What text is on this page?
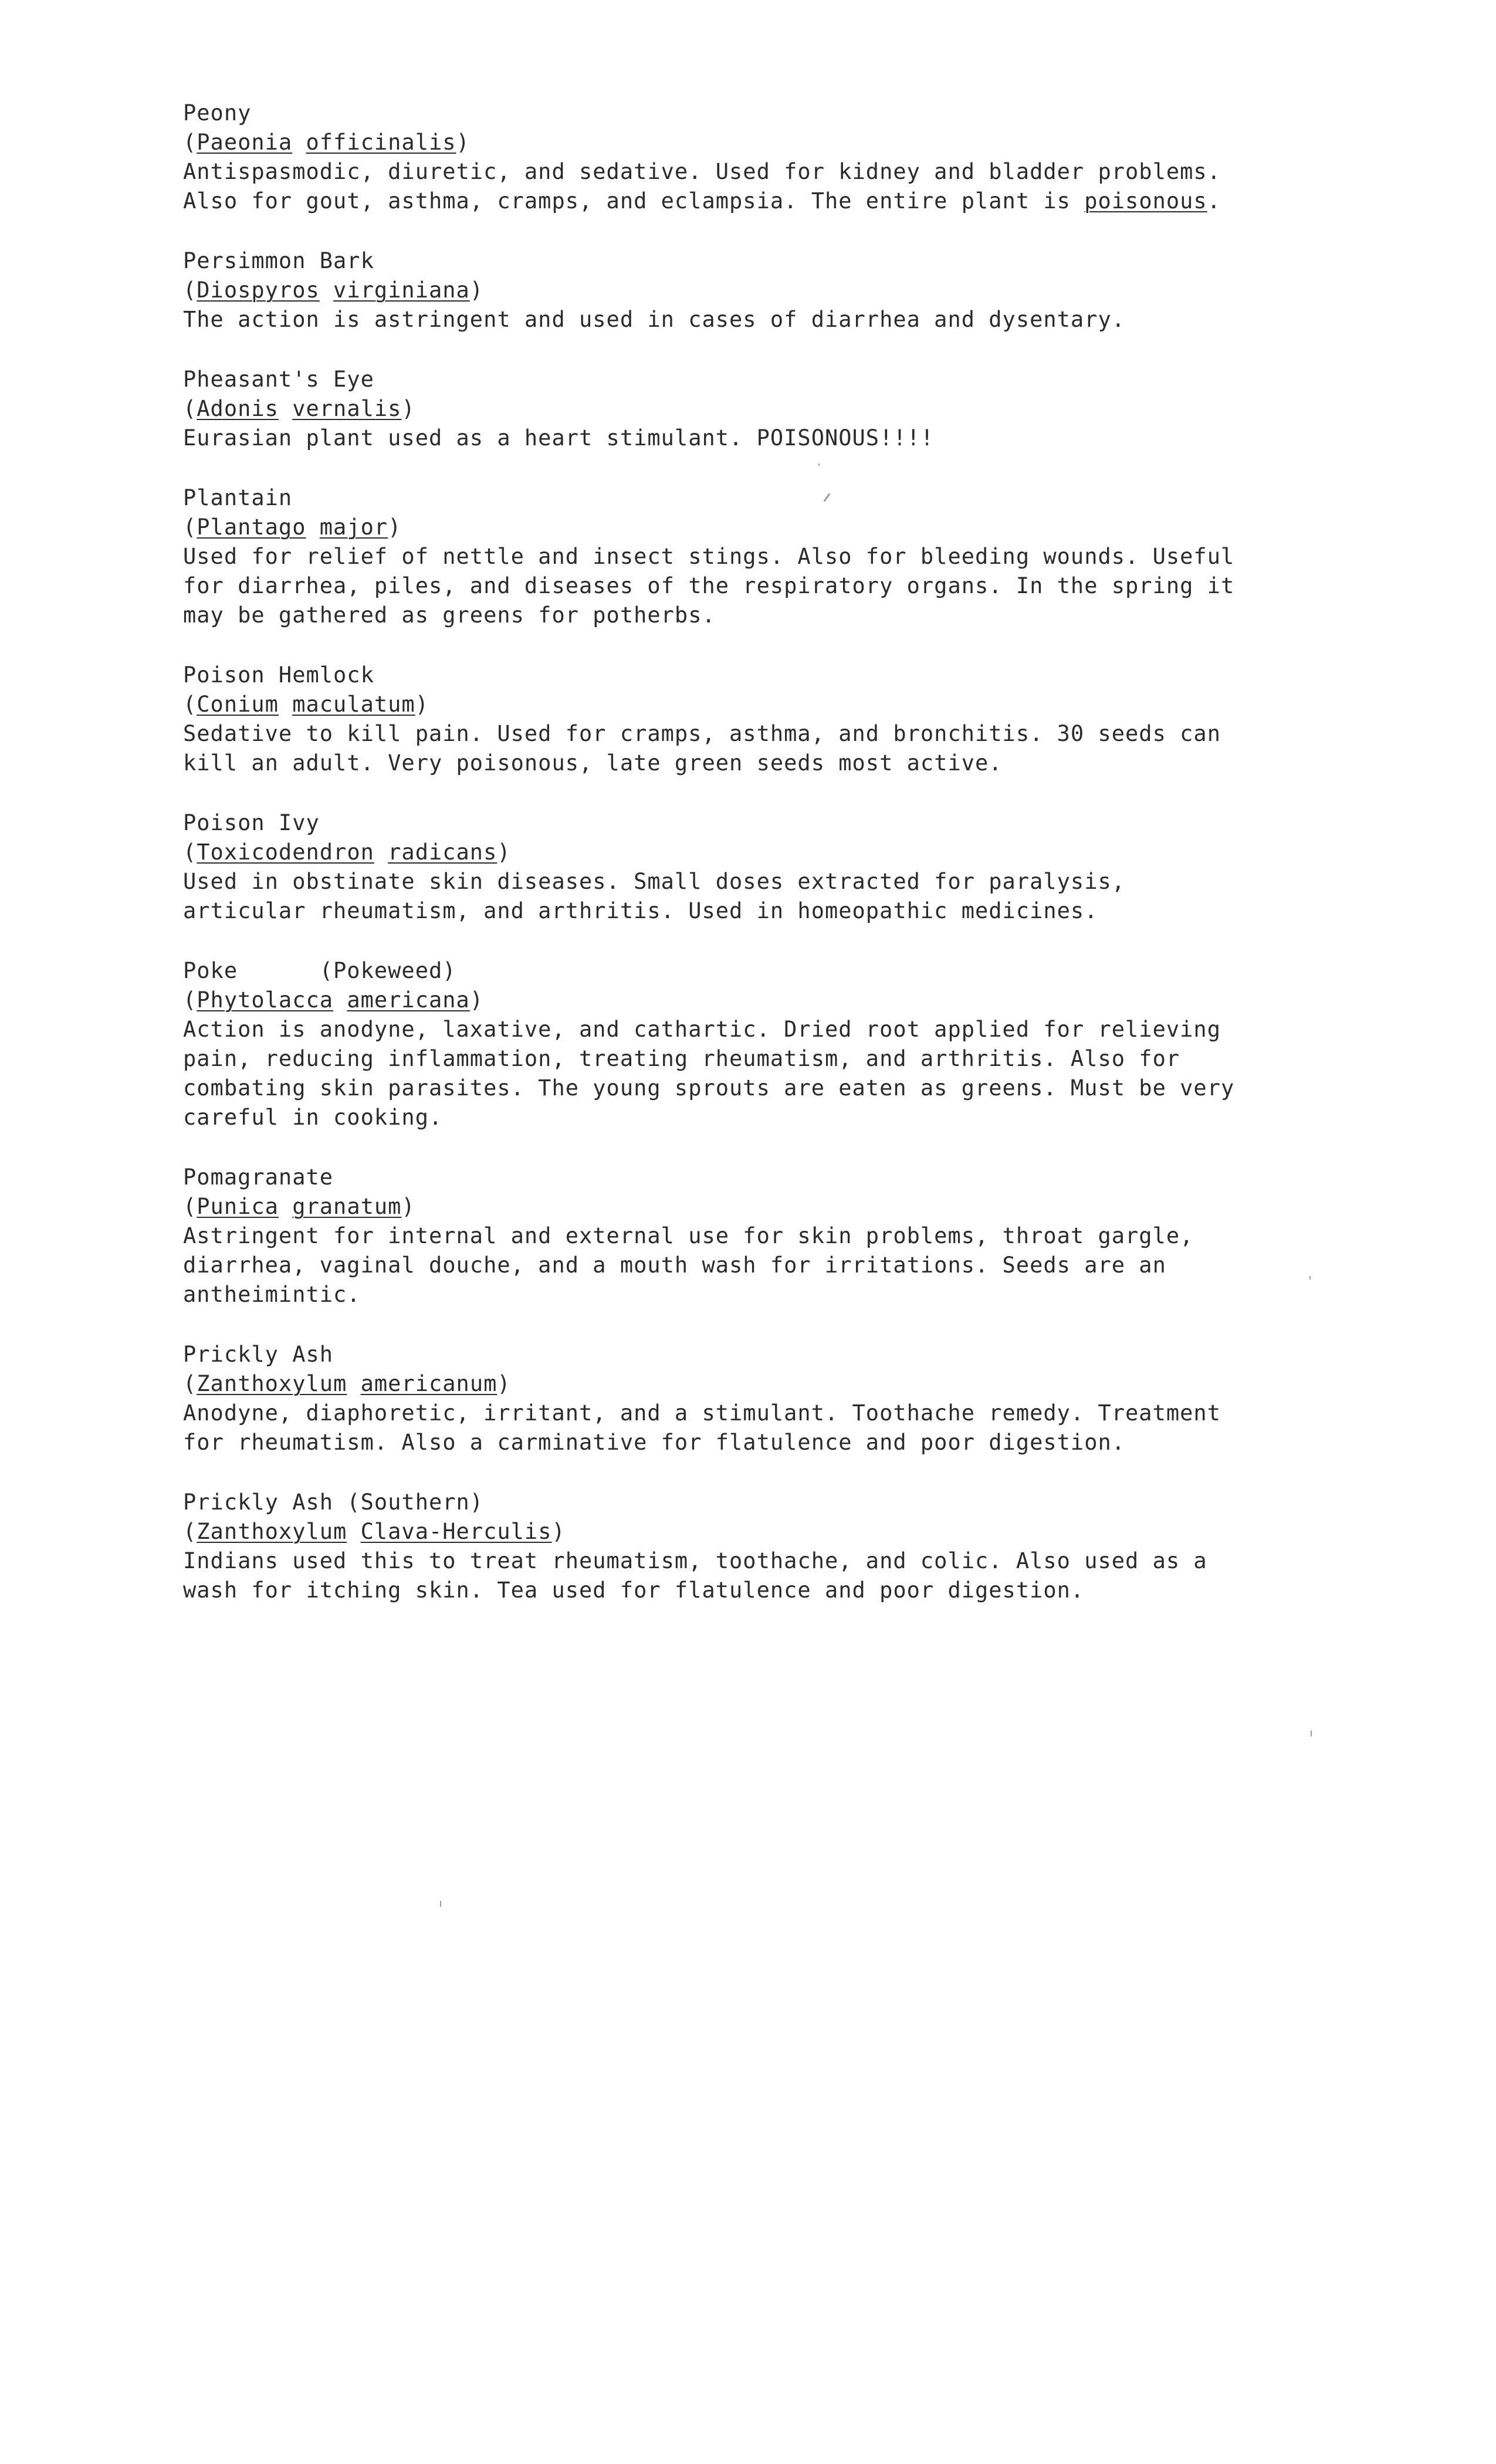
Peony
(Paeonia officinalis)
Antispasmodic, diuretic, and sedative. Used for kidney and bladder problems.
Also for gout, asthma, cramps, and eclampsia. The entire plant is poisonous.
Persimmon Bark
(Diospyros virginiana)
The action is astringent and used in cases of diarrhea and dysentary.
Pheasant's Eye
(Adonis vernalis)
Eurasian plant used as a heart stimulant. POISONOUS!!!!
Plantain
(Plantago major)
Used for relief of nettle and insect stings. Also for bleeding wounds. Useful
for diarrhea, piles, and diseases of the respiratory organs. In the spring it
may be gathered as greens for potherbs.
Poison Hemlock
(Conium maculatum)
Sedative to kill pain. Used for cramps, asthma, and bronchitis. 30 seeds can
kill an adult. Very poisonous, late green seeds most active.
Poison Ivy
(Toxicodendron radicans)
Used in obstinate skin diseases. Small doses extracted for paralysis,
articular rheumatism, and arthritis. Used in homeopathic medicines.
Poke      (Pokeweed)
(Phytolacca americana)
Action is anodyne, laxative, and cathartic. Dried root applied for relieving
pain, reducing inflammation, treating rheumatism, and arthritis. Also for
combating skin parasites. The young sprouts are eaten as greens. Must be very
careful in cooking.
Pomagranate
(Punica granatum)
Astringent for internal and external use for skin problems, throat gargle,
diarrhea, vaginal douche, and a mouth wash for irritations. Seeds are an
antheimintic.
Prickly Ash
(Zanthoxylum americanum)
Anodyne, diaphoretic, irritant, and a stimulant. Toothache remedy. Treatment
for rheumatism. Also a carminative for flatulence and poor digestion.
Prickly Ash (Southern)
(Zanthoxylum Clava-Herculis)
Indians used this to treat rheumatism, toothache, and colic. Also used as a
wash for itching skin. Tea used for flatulence and poor digestion.
